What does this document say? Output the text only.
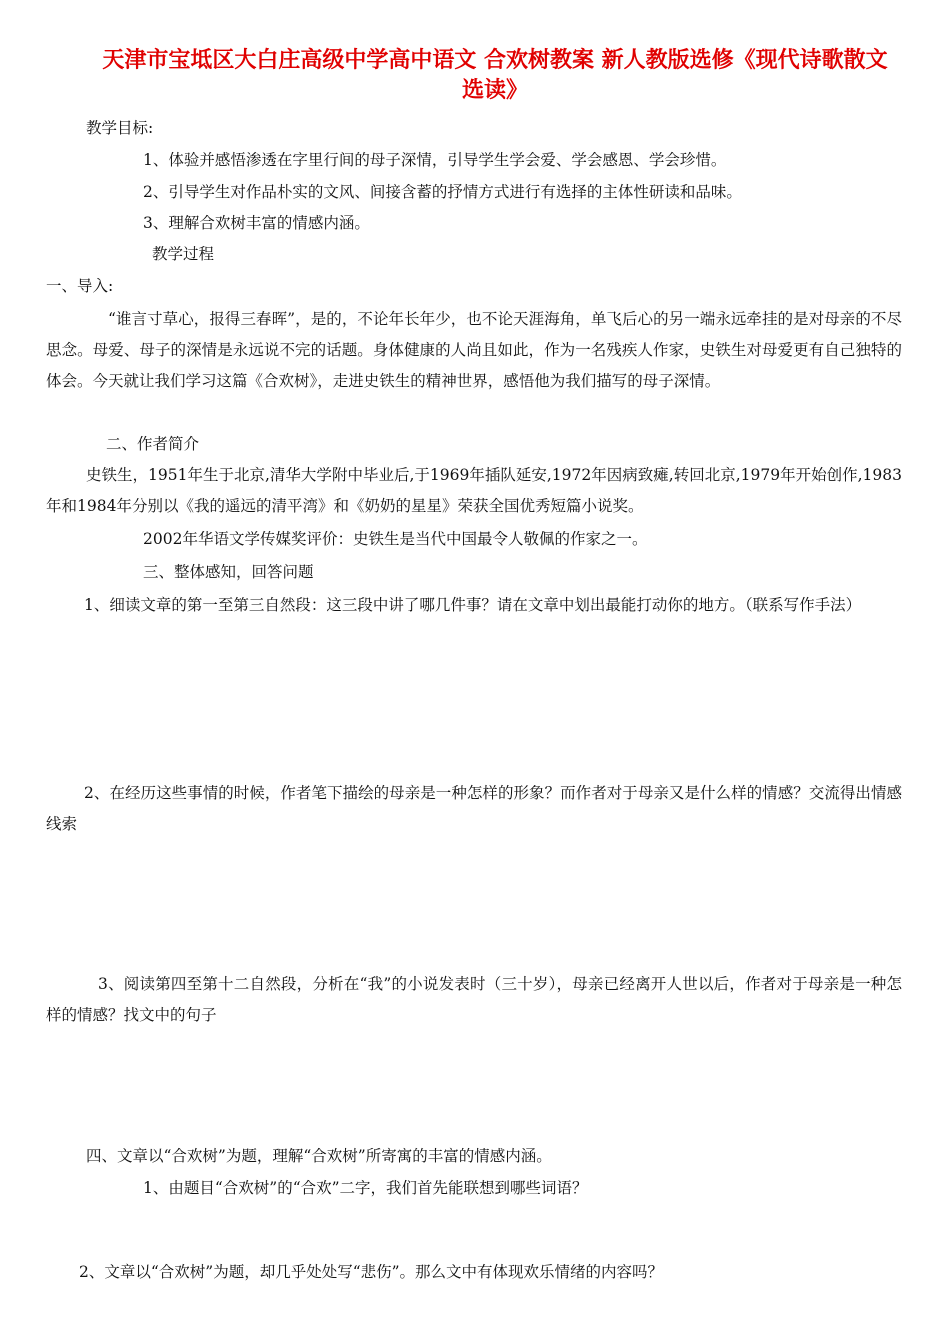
天津市宝坻区大白庄高级中学高中语文 合欢树教案 新人教版选修《现代诗歌散文
选读》
教学目标:
1、体验并感悟渗透在字里行间的母子深情，引导学生学会爱、学会感恩、学会珍惜。
2、引导学生对作品朴实的文风、间接含蓄的抒情方式进行有选择的主体性研读和品味。
3、理解合欢树丰富的情感内涵。
教学过程
一、导入:
“谁言寸草心，报得三春晖”，是的，不论年长年少，也不论天涯海角，单飞后心的另一端永远牵挂的是对母亲的不尽思念。母爱、母子的深情是永远说不完的话题。身体健康的人尚且如此，作为一名残疾人作家，史铁生对母爱更有自己独特的体会。今天就让我们学习这篇《合欢树》，走进史铁生的精神世界，感悟他为我们描写的母子深情。
二、作者简介
史铁生，1951年生于北京,清华大学附中毕业后,于1969年插队延安,1972年因病致瘫,转回北京,1979年开始创作,1983年和1984年分别以《我的遥远的清平湾》和《奶奶的星星》荣获全国优秀短篇小说奖。
2002年华语文学传媒奖评价：史铁生是当代中国最令人敬佩的作家之一。
三、整体感知，回答问题
1、细读文章的第一至第三自然段：这三段中讲了哪几件事？请在文章中划出最能打动你的地方。（联系写作手法）
2、在经历这些事情的时候，作者笔下描绘的母亲是一种怎样的形象？而作者对于母亲又是什么样的情感？交流得出情感线索
3、阅读第四至第十二自然段，分析在“我”的小说发表时（三十岁），母亲已经离开人世以后，作者对于母亲是一种怎样的情感？找文中的句子
四、文章以“合欢树”为题，理解“合欢树”所寄寓的丰富的情感内涵。
1、由题目“合欢树”的“合欢”二字，我们首先能联想到哪些词语？
2、文章以“合欢树”为题，却几乎处处写“悲伤”。那么文中有体现欢乐情绪的内容吗？
